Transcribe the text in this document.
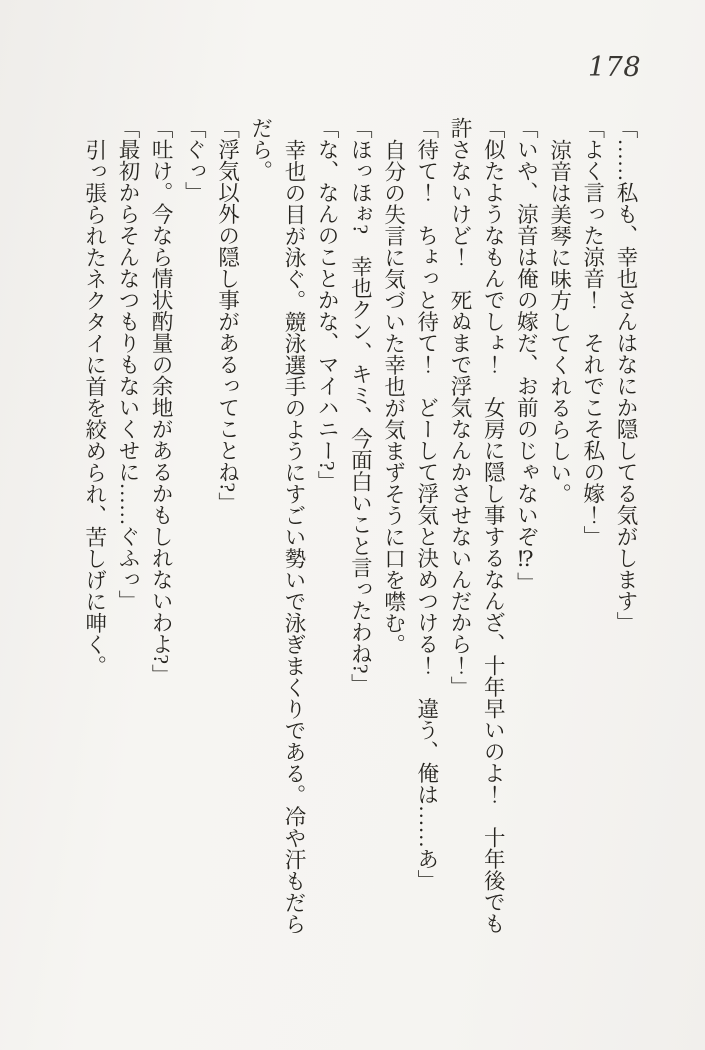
178

「……私も、幸也さんはなにか隠してる気がします」

「よく言った涼音！　それでこそ私の嫁！」

涼音は美琴に味方してくれるらしい。

「いや、涼音は俺の嫁だ、お前のじゃないぞ⁉」

「似たようなもんでしょ！　女房に隠し事するなんざ、十年早いのよ！　十年後でも許さないけど！　死ぬまで浮気なんかさせないんだから！」

「待て！　ちょっと待て！　どーして浮気と決めつける！　違う、俺は……あ」

自分の失言に気づいた幸也が気まずそうに口を噤む。

「ほっほぉ?　幸也クン、キミ、今面白いこと言ったわね?」

「な、なんのことかな、マイハニー?」

幸也の目が泳ぐ。競泳選手のようにすごい勢いで泳ぎまくりである。冷や汗もだらだら。

「浮気以外の隠し事があるってことね?」

「ぐっ」

「吐け。今なら情状酌量の余地があるかもしれないわよ?」

「最初からそんなつもりもないくせに……ぐふっ」

引っ張られたネクタイに首を絞められ、苦しげに呻く。
